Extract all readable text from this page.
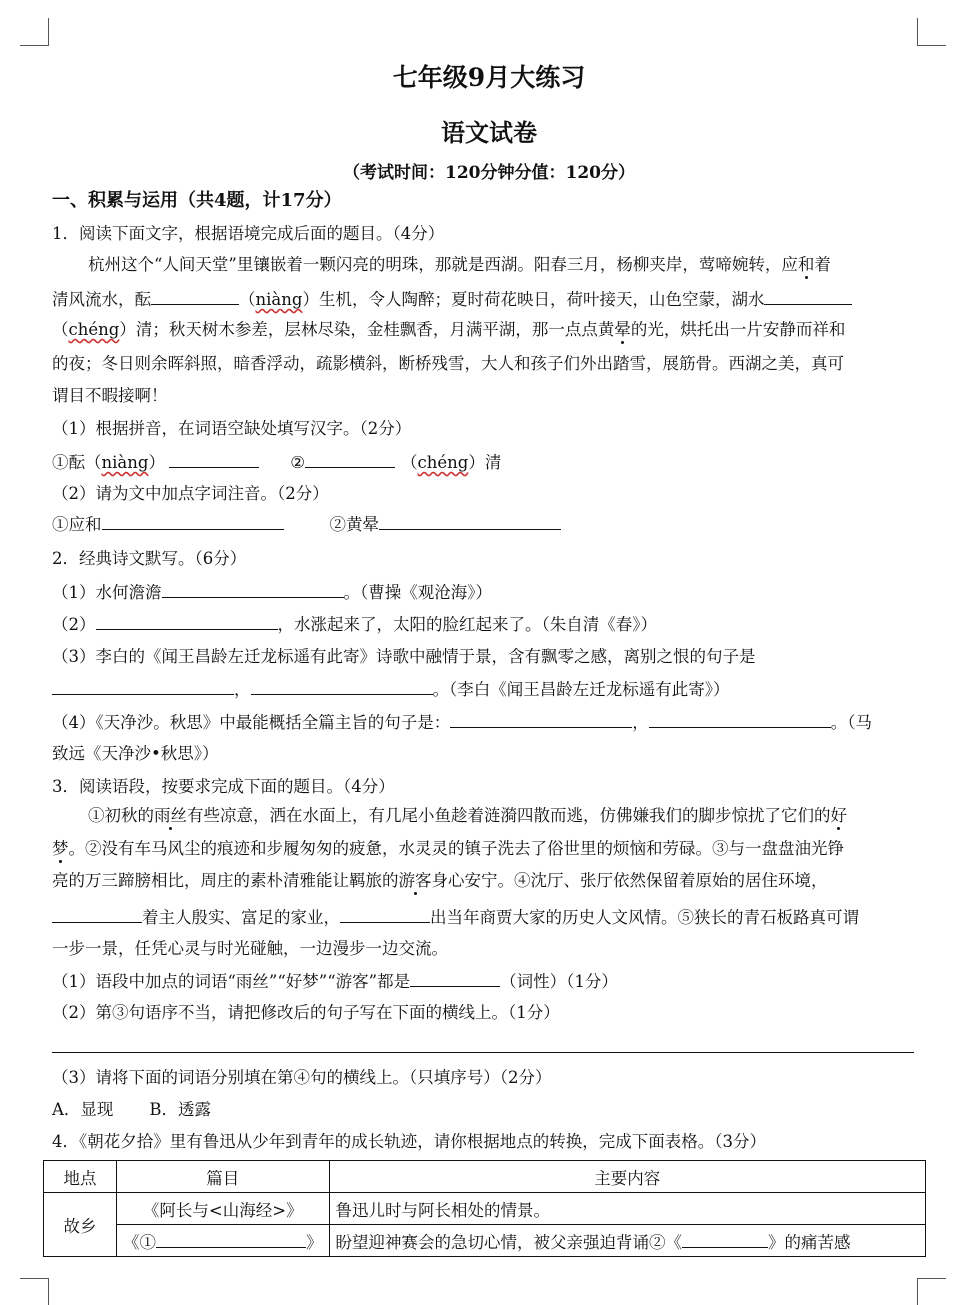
七年级9月大练习
语文试卷
（考试时间：120分钟分值：120分）
一、积累与运用（共4题，计17分）
1．阅读下面文字，根据语境完成后面的题目。（4分）
杭州这个“人间天堂”里镶嵌着一颗闪亮的明珠，那就是西湖。阳春三月，杨柳夹岸，莺啼婉转，应和着
清风流水，酝	（niàng）生机，令人陶醉；夏时荷花映日，荷叶接天，山色空蒙，湖水
（chéng）清；秋天树木参差，层林尽染，金桂飘香，月满平湖，那一点点黄晕的光，烘托出一片安静而祥和
的夜；冬日则余晖斜照，暗香浮动，疏影横斜，断桥残雪，大人和孩子们外出踏雪，展筋骨。西湖之美，真可
谓目不暇接啊！
（1）根据拼音，在词语空缺处填写汉字。（2分）
①酝（niàng）	②	（chéng）清
（2）请为文中加点字词注音。（2分）
①应和	②黄晕
2．经典诗文默写。（6分）
（1）水何澹澹	。（曹操《观沧海》）
（2）	，水涨起来了，太阳的脸红起来了。（朱自清《春》）
（3）李白的《闻王昌龄左迁龙标遥有此寄》诗歌中融情于景，含有飘零之感，离别之恨的句子是
，	。（李白《闻王昌龄左迁龙标遥有此寄》）
（4）《天净沙。秋思》中最能概括全篇主旨的句子是：	，	。（马
致远《天净沙•秋思》）
3．阅读语段，按要求完成下面的题目。（4分）
①初秋的雨丝有些凉意，洒在水面上，有几尾小鱼趁着涟漪四散而逃，仿佛嫌我们的脚步惊扰了它们的好
梦。②没有车马风尘的痕迹和步履匆匆的疲惫，水灵灵的镇子洗去了俗世里的烦恼和劳碌。③与一盘盘油光铮
亮的万三蹄膀相比，周庄的素朴清雅能让羁旅的游客身心安宁。④沈厅、张厅依然保留着原始的居住环境，
着主人殷实、富足的家业，	出当年商贾大家的历史人文风情。⑤狭长的青石板路真可谓
一步一景，任凭心灵与时光碰触，一边漫步一边交流。
（1）语段中加点的词语“雨丝”“好梦”“游客”都是	（词性）（1分）
（2）第③句语序不当，请把修改后的句子写在下面的横线上。（1分）
（3）请将下面的词语分别填在第④句的横线上。（只填序号）（2分）
A．显现 B．透露
4．《朝花夕拾》里有鲁迅从少年到青年的成长轨迹，请你根据地点的转换，完成下面表格。（3分）
地点	篇目	主要内容
故乡	《阿长与<山海经>》	鲁迅儿时与阿长相处的情景。
	《① 》	盼望迎神赛会的急切心情，被父亲强迫背诵②《 》的痛苦感
